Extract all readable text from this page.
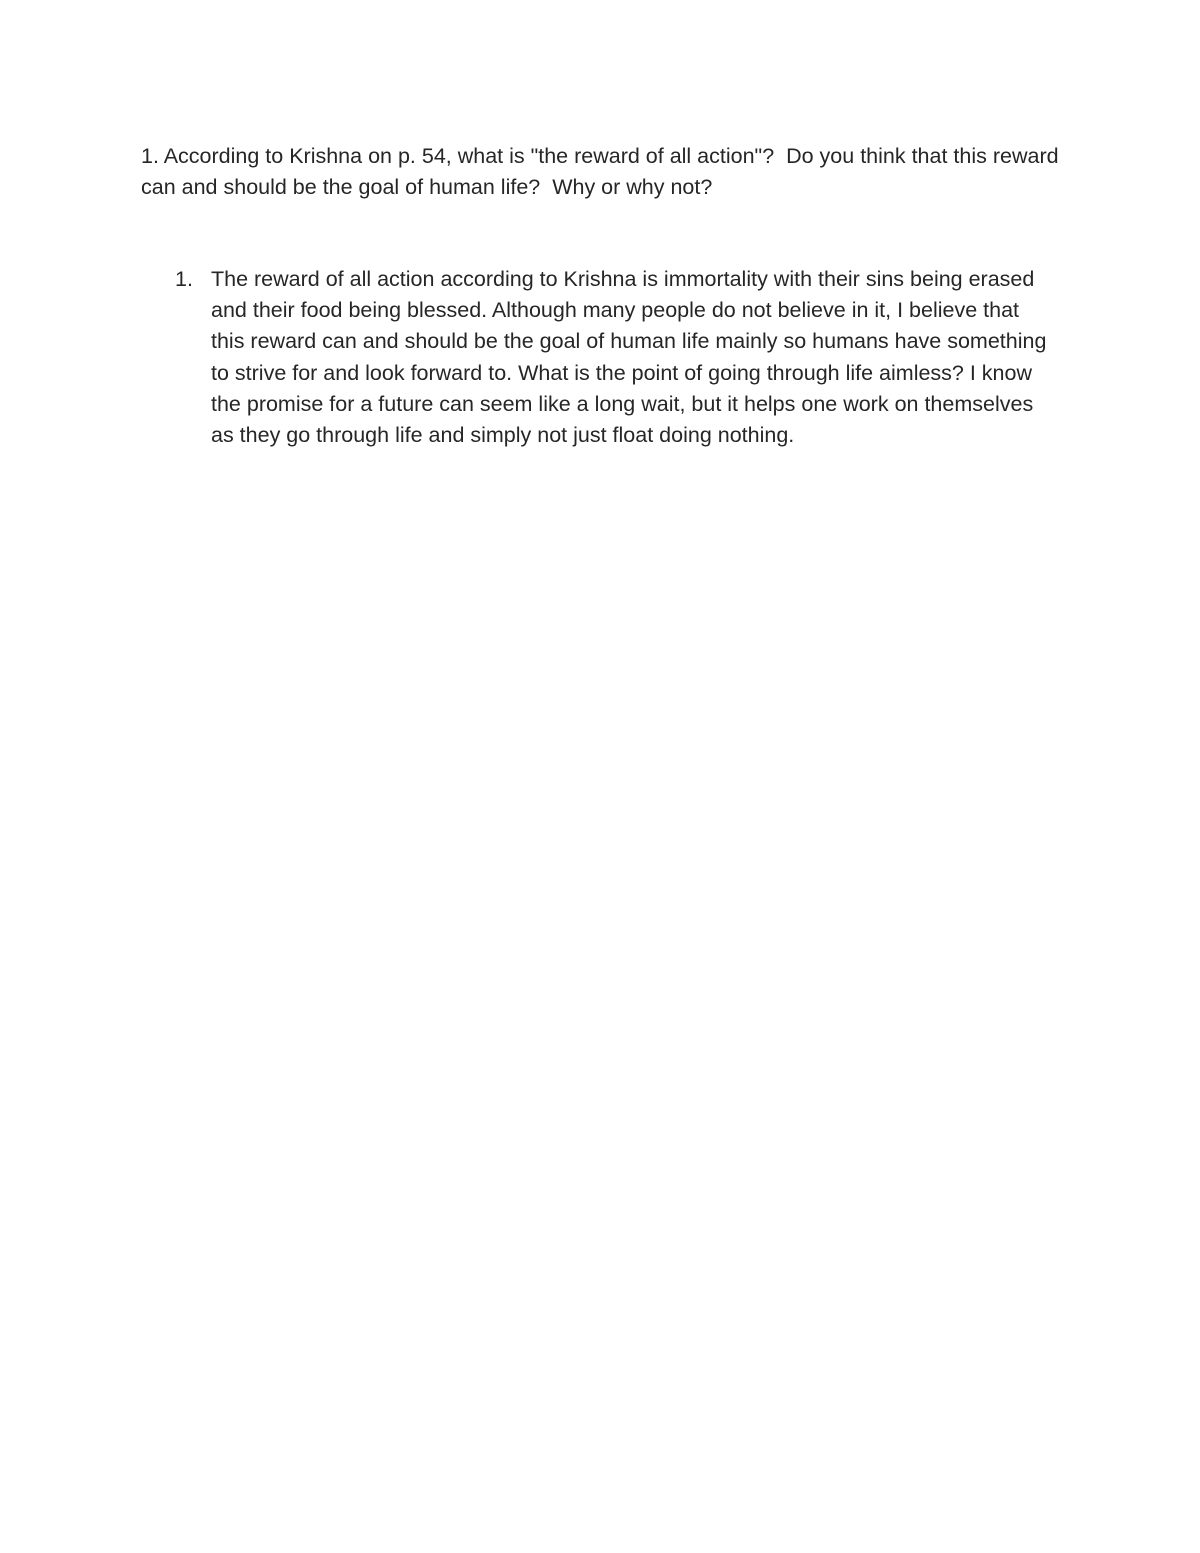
1. According to Krishna on p. 54, what is "the reward of all action"?  Do you think that this reward can and should be the goal of human life?  Why or why not?

1. The reward of all action according to Krishna is immortality with their sins being erased and their food being blessed. Although many people do not believe in it, I believe that this reward can and should be the goal of human life mainly so humans have something to strive for and look forward to. What is the point of going through life aimless? I know the promise for a future can seem like a long wait, but it helps one work on themselves as they go through life and simply not just float doing nothing.
